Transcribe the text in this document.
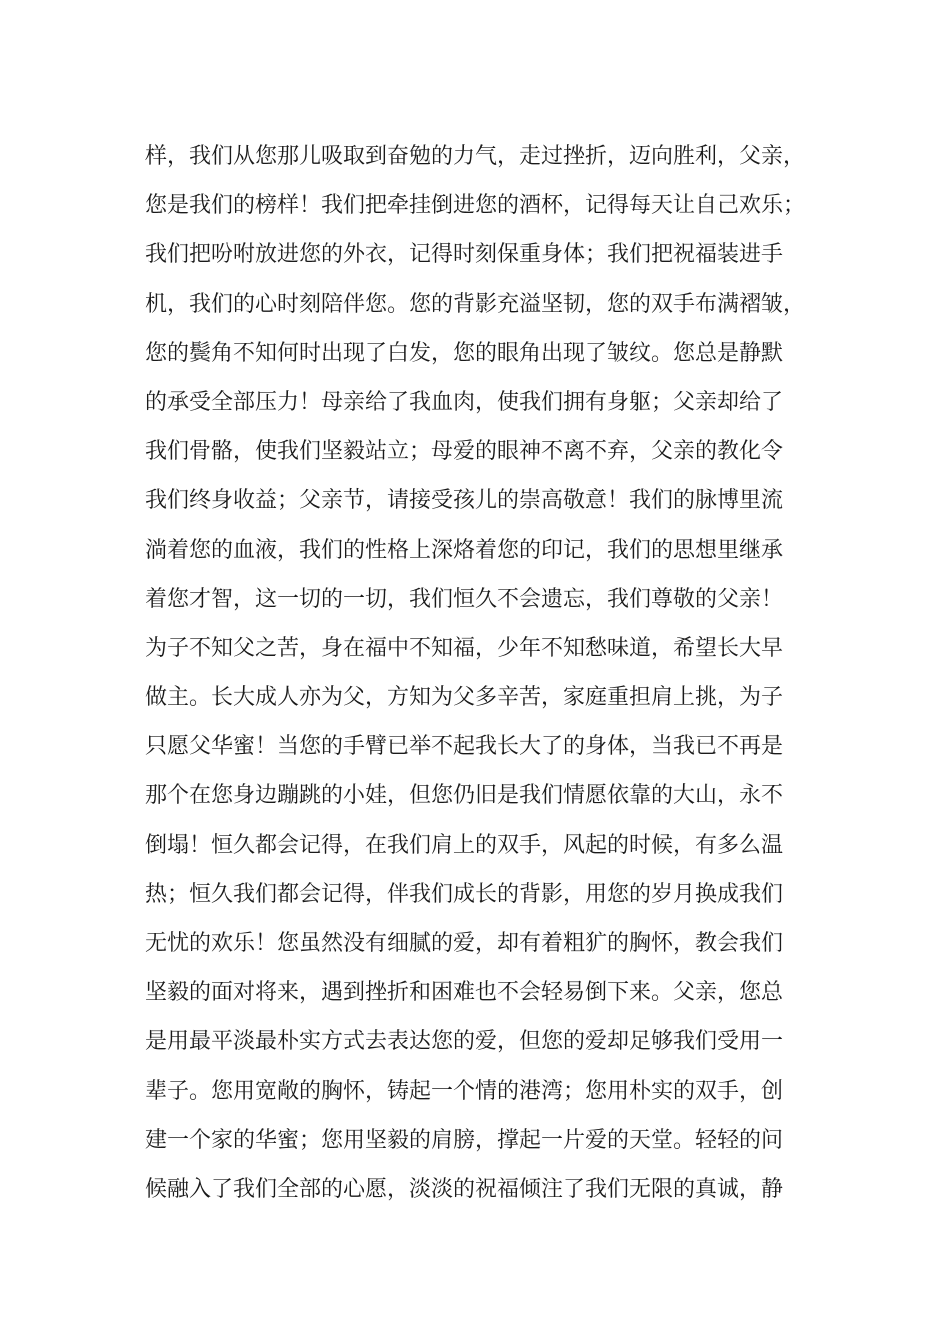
样，我们从您那儿吸取到奋勉的力气，走过挫折，迈向胜利，父亲，
您是我们的榜样！我们把牵挂倒进您的酒杯，记得每天让自己欢乐；
我们把吩咐放进您的外衣，记得时刻保重身体；我们把祝福装进手
机，我们的心时刻陪伴您。您的背影充溢坚韧，您的双手布满褶皱，
您的鬓角不知何时出现了白发，您的眼角出现了皱纹。您总是静默
的承受全部压力！母亲给了我血肉，使我们拥有身躯；父亲却给了
我们骨骼，使我们坚毅站立；母爱的眼神不离不弃，父亲的教化令
我们终身收益；父亲节，请接受孩儿的崇高敬意！我们的脉博里流
淌着您的血液，我们的性格上深烙着您的印记，我们的思想里继承
着您才智，这一切的一切，我们恒久不会遗忘，我们尊敬的父亲！
为子不知父之苦，身在福中不知福，少年不知愁味道，希望长大早
做主。长大成人亦为父，方知为父多辛苦，家庭重担肩上挑，为子
只愿父华蜜！当您的手臂已举不起我长大了的身体，当我已不再是
那个在您身边蹦跳的小娃，但您仍旧是我们情愿依靠的大山，永不
倒塌！恒久都会记得，在我们肩上的双手，风起的时候，有多么温
热；恒久我们都会记得，伴我们成长的背影，用您的岁月换成我们
无忧的欢乐！您虽然没有细腻的爱，却有着粗犷的胸怀，教会我们
坚毅的面对将来，遇到挫折和困难也不会轻易倒下来。父亲，您总
是用最平淡最朴实方式去表达您的爱，但您的爱却足够我们受用一
辈子。您用宽敞的胸怀，铸起一个情的港湾；您用朴实的双手，创
建一个家的华蜜；您用坚毅的肩膀，撑起一片爱的天堂。轻轻的问
候融入了我们全部的心愿，淡淡的祝福倾注了我们无限的真诚，静
